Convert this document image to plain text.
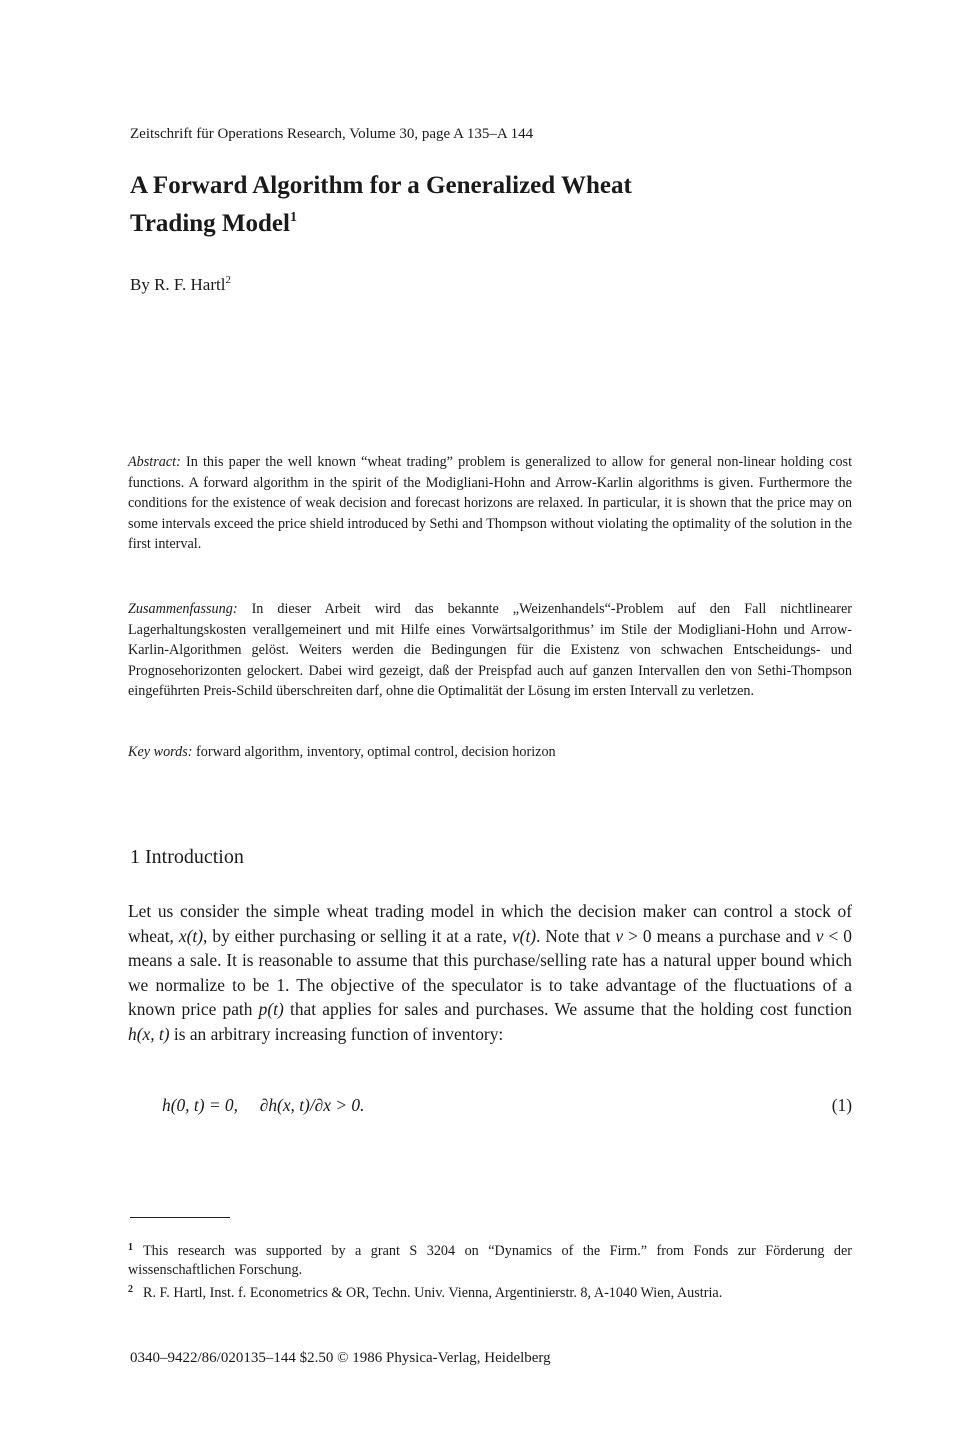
Zeitschrift für Operations Research, Volume 30, page A 135–A 144
A Forward Algorithm for a Generalized Wheat
Trading Model$^1$
By R. F. Hartl$^2$
Abstract: In this paper the well known “wheat trading” problem is generalized to allow for general non-linear holding cost functions. A forward algorithm in the spirit of the Modigliani-Hohn and Arrow-Karlin algorithms is given. Furthermore the conditions for the existence of weak decision and forecast horizons are relaxed. In particular, it is shown that the price may on some intervals exceed the price shield introduced by Sethi and Thompson without violating the optimality of the solution in the first interval.
Zusammenfassung: In dieser Arbeit wird das bekannte „Weizenhandels“-Problem auf den Fall nichtlinearer Lagerhaltungskosten verallgemeinert und mit Hilfe eines Vorwärtsalgorithmus’ im Stile der Modigliani-Hohn und Arrow-Karlin-Algorithmen gelöst. Weiters werden die Bedingungen für die Existenz von schwachen Entscheidungs- und Prognosehorizonten gelockert. Dabei wird gezeigt, daß der Preispfad auch auf ganzen Intervallen den von Sethi-Thompson eingeführten Preis-Schild überschreiten darf, ohne die Optimalität der Lösung im ersten Intervall zu verletzen.
Key words: forward algorithm, inventory, optimal control, decision horizon
1 Introduction
Let us consider the simple wheat trading model in which the decision maker can control a stock of wheat, x(t), by either purchasing or selling it at a rate, v(t). Note that v > 0 means a purchase and v < 0 means a sale. It is reasonable to assume that this purchase/selling rate has a natural upper bound which we normalize to be 1. The objective of the speculator is to take advantage of the fluctuations of a known price path p(t) that applies for sales and purchases. We assume that the holding cost function h(x, t) is an arbitrary increasing function of inventory:
h(0, t) = 0, ∂h(x, t)/∂x > 0.	(1)
$^1$ This research was supported by a grant S 3204 on “Dynamics of the Firm.” from Fonds zur Förderung der wissenschaftlichen Forschung.
$^2$ R. F. Hartl, Inst. f. Econometrics & OR, Techn. Univ. Vienna, Argentinierstr. 8, A-1040 Wien, Austria.
0340–9422/86/020135–144 $2.50 © 1986 Physica-Verlag, Heidelberg
